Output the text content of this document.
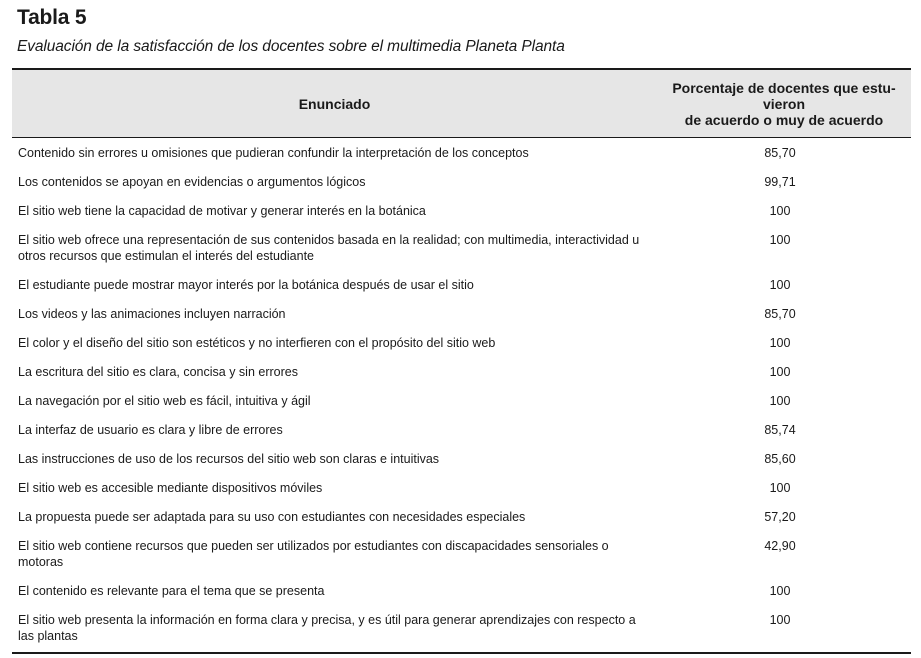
Tabla 5
Evaluación de la satisfacción de los docentes sobre el multimedia Planeta Planta
Enunciado	Porcentaje de docentes que estu-
vieron
de acuerdo o muy de acuerdo
Contenido sin errores u omisiones que pudieran confundir la interpretación de los conceptos	85,70
Los contenidos se apoyan en evidencias o argumentos lógicos	99,71
El sitio web tiene la capacidad de motivar y generar interés en la botánica	100
El sitio web ofrece una representación de sus contenidos basada en la realidad; con multimedia, interactividad u otros recursos que estimulan el interés del estudiante	100
El estudiante puede mostrar mayor interés por la botánica después de usar el sitio	100
Los videos y las animaciones incluyen narración	85,70
El color y el diseño del sitio son estéticos y no interfieren con el propósito del sitio web	100
La escritura del sitio es clara, concisa y sin errores	100
La navegación por el sitio web es fácil, intuitiva y ágil	100
La interfaz de usuario es clara y libre de errores	85,74
Las instrucciones de uso de los recursos del sitio web son claras e intuitivas	85,60
El sitio web es accesible mediante dispositivos móviles	100
La propuesta puede ser adaptada para su uso con estudiantes con necesidades especiales	57,20
El sitio web contiene recursos que pueden ser utilizados por estudiantes con discapacidades sensoriales o motoras	42,90
El contenido es relevante para el tema que se presenta	100
El sitio web presenta la información en forma clara y precisa, y es útil para generar aprendizajes con respecto a las plantas	100
